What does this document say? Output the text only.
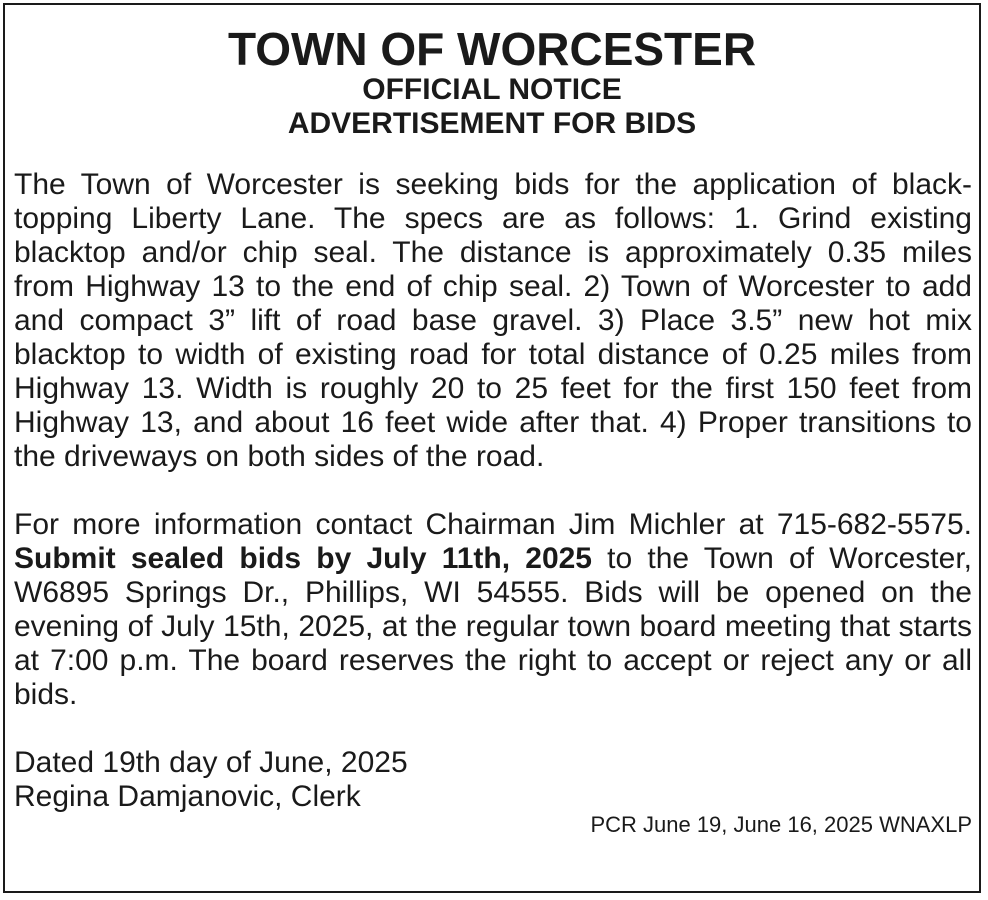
TOWN OF WORCESTER
OFFICIAL NOTICE
ADVERTISEMENT FOR BIDS

The Town of Worcester is seeking bids for the application of black-topping Liberty Lane. The specs are as follows: 1. Grind existing blacktop and/or chip seal. The distance is approximately 0.35 miles from Highway 13 to the end of chip seal. 2) Town of Worcester to add and compact 3” lift of road base gravel. 3) Place 3.5” new hot mix blacktop to width of existing road for total distance of 0.25 miles from Highway 13. Width is roughly 20 to 25 feet for the first 150 feet from Highway 13, and about 16 feet wide after that. 4) Proper transitions to the driveways on both sides of the road.

For more information contact Chairman Jim Michler at 715-682-5575. Submit sealed bids by July 11th, 2025 to the Town of Worcester, W6895 Springs Dr., Phillips, WI 54555. Bids will be opened on the evening of July 15th, 2025, at the regular town board meeting that starts at 7:00 p.m. The board reserves the right to accept or reject any or all bids.

Dated 19th day of June, 2025

Regina Damjanovic, Clerk

PCR June 19, June 16, 2025 WNAXLP
